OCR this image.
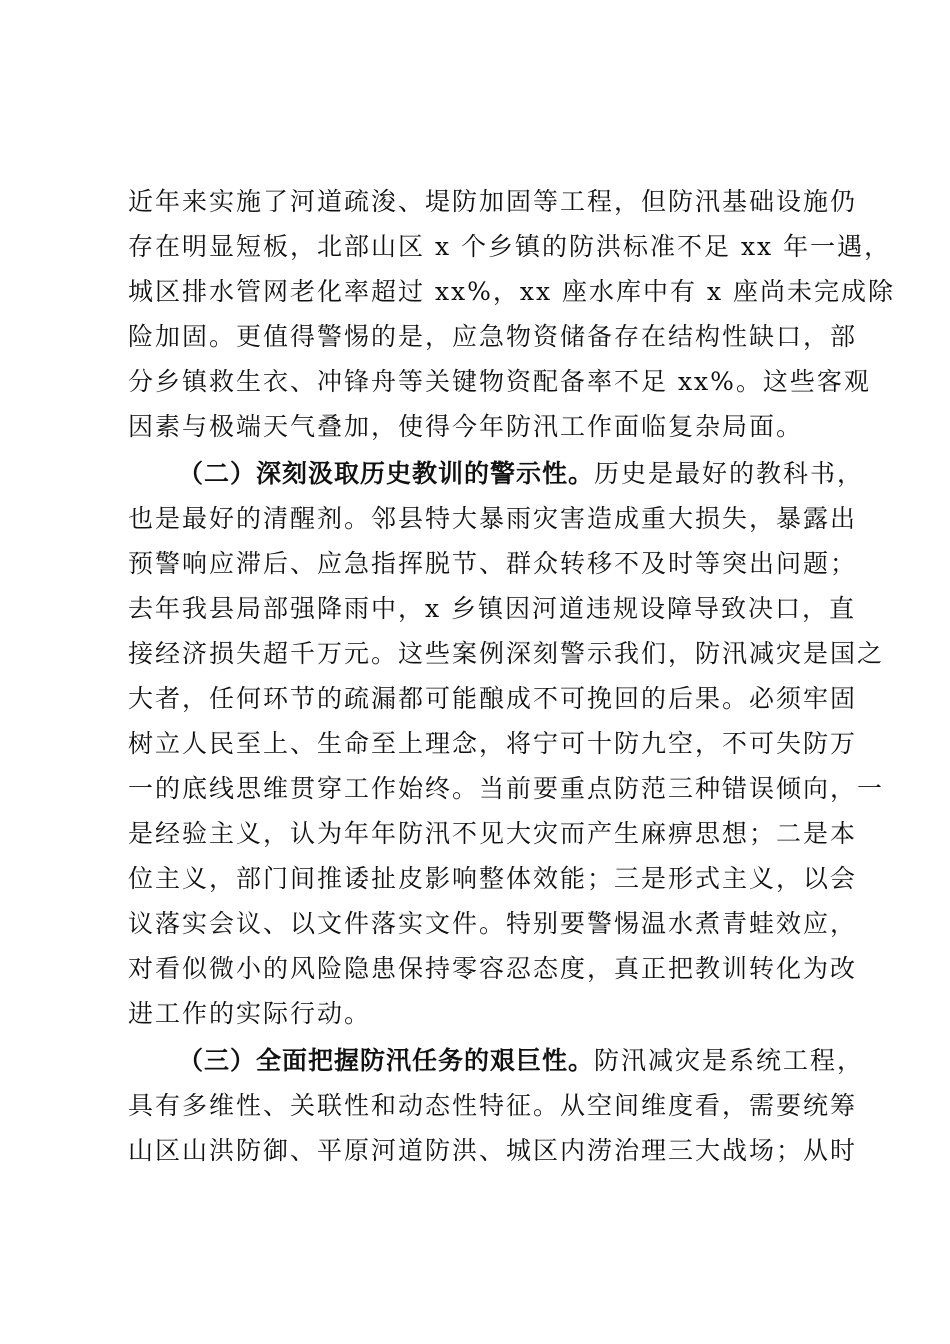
近年来实施了河道疏浚、堤防加固等工程，但防汛基础设施仍
存在明显短板，北部山区 x 个乡镇的防洪标准不足 xx 年一遇，
城区排水管网老化率超过 xx%，xx 座水库中有 x 座尚未完成除
险加固。更值得警惕的是，应急物资储备存在结构性缺口，部
分乡镇救生衣、冲锋舟等关键物资配备率不足 xx%。这些客观
因素与极端天气叠加，使得今年防汛工作面临复杂局面。
（二）深刻汲取历史教训的警示性。历史是最好的教科书，
也是最好的清醒剂。邻县特大暴雨灾害造成重大损失，暴露出
预警响应滞后、应急指挥脱节、群众转移不及时等突出问题；
去年我县局部强降雨中，x 乡镇因河道违规设障导致决口，直
接经济损失超千万元。这些案例深刻警示我们，防汛减灾是国之
大者，任何环节的疏漏都可能酿成不可挽回的后果。必须牢固
树立人民至上、生命至上理念，将宁可十防九空，不可失防万
一的底线思维贯穿工作始终。当前要重点防范三种错误倾向，一
是经验主义，认为年年防汛不见大灾而产生麻痹思想；二是本
位主义，部门间推诿扯皮影响整体效能；三是形式主义，以会
议落实会议、以文件落实文件。特别要警惕温水煮青蛙效应，
对看似微小的风险隐患保持零容忍态度，真正把教训转化为改
进工作的实际行动。
（三）全面把握防汛任务的艰巨性。防汛减灾是系统工程，
具有多维性、关联性和动态性特征。从空间维度看，需要统筹
山区山洪防御、平原河道防洪、城区内涝治理三大战场；从时
